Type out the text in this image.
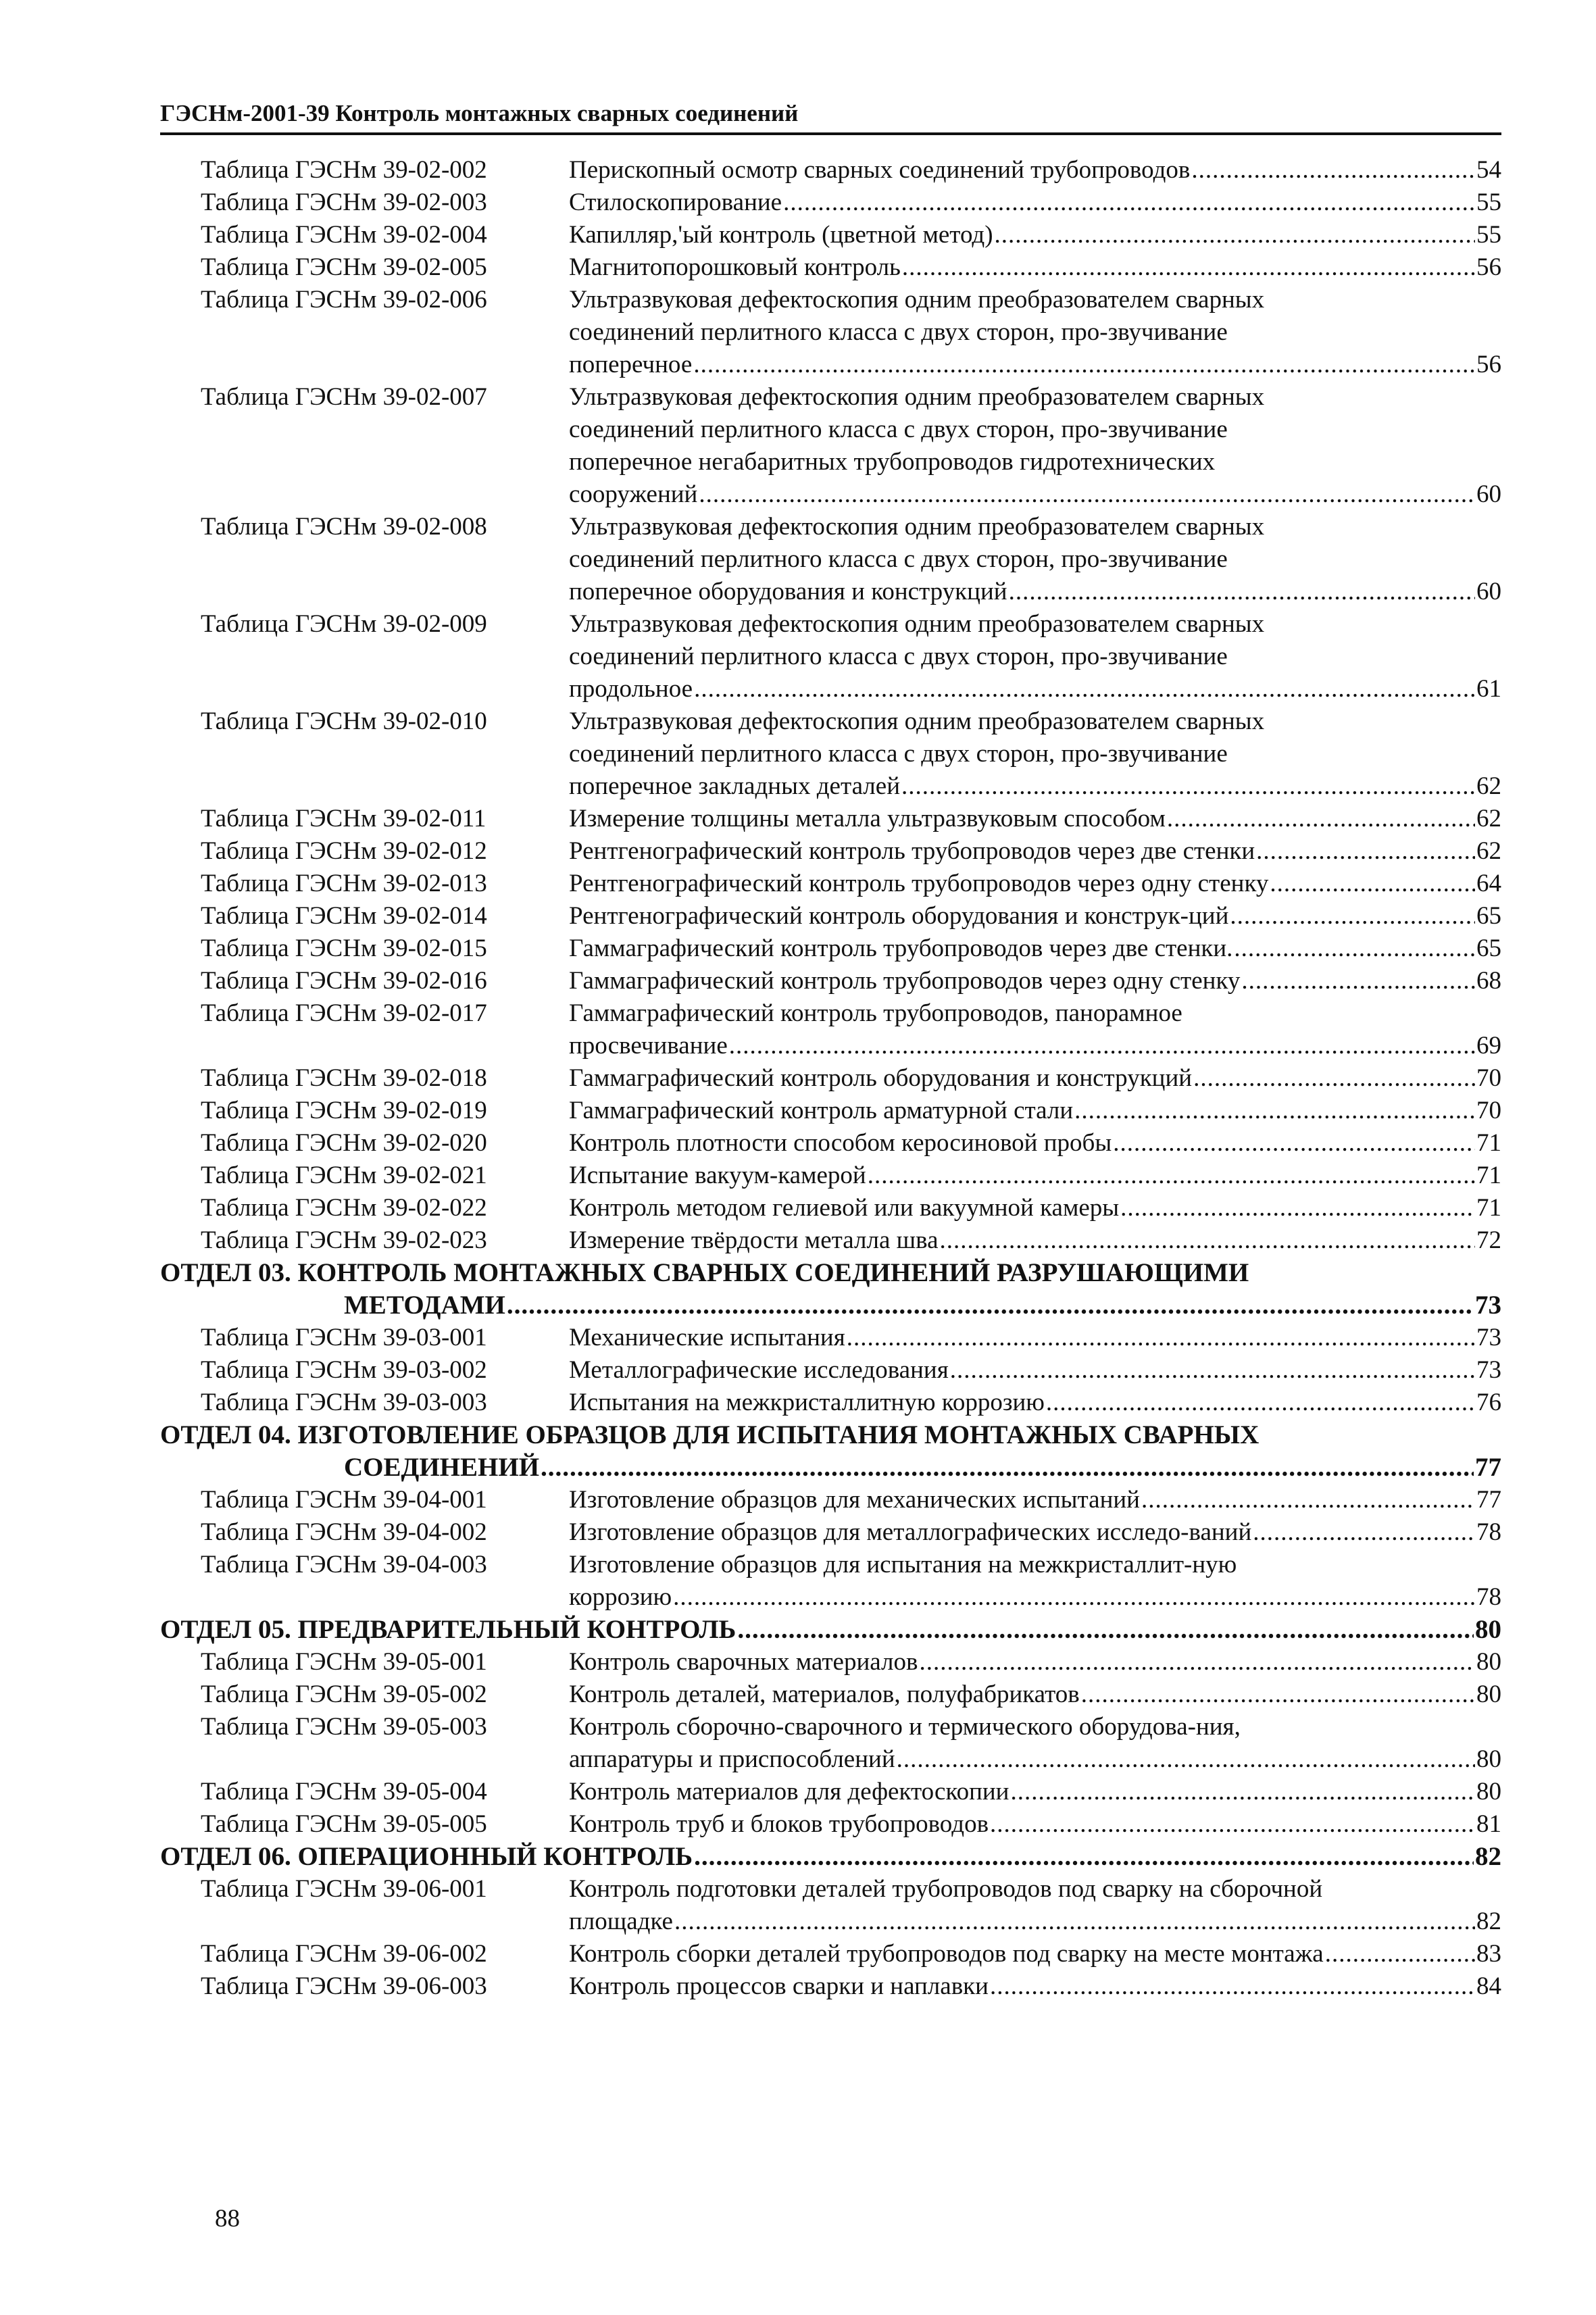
ГЭСНм-2001-39 Контроль монтажных сварных соединений
Таблица ГЭСНм 39-02-002	Перископный осмотр сварных соединений трубопроводов .....	54
Таблица ГЭСНм 39-02-003	Стилоскопирование .....	55
Таблица ГЭСНм 39-02-004	Капилляр,'ый контроль (цветной метод) .....	55
Таблица ГЭСНм 39-02-005	Магнитопорошковый контроль .....	56
Таблица ГЭСНм 39-02-006	Ультразвуковая дефектоскопия одним преобразователем сварных
соединений перлитного класса с двух сторон, про-звучивание
поперечное .....	56
Таблица ГЭСНм 39-02-007	Ультразвуковая дефектоскопия одним преобразователем сварных
соединений перлитного класса с двух сторон, про-звучивание
поперечное негабаритных трубопроводов гидротехнических
сооружений .....	60
Таблица ГЭСНм 39-02-008	Ультразвуковая дефектоскопия одним преобразователем сварных
соединений перлитного класса с двух сторон, про-звучивание
поперечное оборудования и конструкций .....	60
Таблица ГЭСНм 39-02-009	Ультразвуковая дефектоскопия одним преобразователем сварных
соединений перлитного класса с двух сторон, про-звучивание
продольное .....	61
Таблица ГЭСНм 39-02-010	Ультразвуковая дефектоскопия одним преобразователем сварных
соединений перлитного класса с двух сторон, про-звучивание
поперечное закладных деталей .....	62
Таблица ГЭСНм 39-02-011	Измерение толщины металла ультразвуковым способом .....	62
Таблица ГЭСНм 39-02-012	Рентгенографический контроль трубопроводов через две стенки .....	62
Таблица ГЭСНм 39-02-013	Рентгенографический контроль трубопроводов через одну стенку .....	64
Таблица ГЭСНм 39-02-014	Рентгенографический контроль оборудования и конструк-ций .....	65
Таблица ГЭСНм 39-02-015	Гаммаграфический контроль трубопроводов через две стенки. .....	65
Таблица ГЭСНм 39-02-016	Гаммаграфический контроль трубопроводов через одну стенку .....	68
Таблица ГЭСНм 39-02-017	Гаммаграфический контроль трубопроводов, панорамное
просвечивание .....	69
Таблица ГЭСНм 39-02-018	Гаммаграфический контроль оборудования и конструкций .....	70
Таблица ГЭСНм 39-02-019	Гаммаграфический контроль арматурной стали .....	70
Таблица ГЭСНм 39-02-020	Контроль плотности способом керосиновой пробы .....	71
Таблица ГЭСНм 39-02-021	Испытание вакуум-камерой .....	71
Таблица ГЭСНм 39-02-022	Контроль методом гелиевой или вакуумной камеры .....	71
Таблица ГЭСНм 39-02-023	Измерение твёрдости металла шва .....	72
ОТДЕЛ 03. КОНТРОЛЬ МОНТАЖНЫХ СВАРНЫХ СОЕДИНЕНИЙ РАЗРУШАЮЩИМИ
МЕТОДАМИ .....	73
Таблица ГЭСНм 39-03-001	Механические испытания .....	73
Таблица ГЭСНм 39-03-002	Металлографические исследования .....	73
Таблица ГЭСНм 39-03-003	Испытания на межкристаллитную коррозию .....	76
ОТДЕЛ 04. ИЗГОТОВЛЕНИЕ ОБРАЗЦОВ ДЛЯ ИСПЫТАНИЯ МОНТАЖНЫХ СВАРНЫХ
СОЕДИНЕНИЙ .....	77
Таблица ГЭСНм 39-04-001	Изготовление образцов для механических испытаний .....	77
Таблица ГЭСНм 39-04-002	Изготовление образцов для металлографических исследо-ваний .....	78
Таблица ГЭСНм 39-04-003	Изготовление образцов для испытания на межкристаллит-ную
коррозию .....	78
ОТДЕЛ 05. ПРЕДВАРИТЕЛЬНЫЙ КОНТРОЛЬ .....	80
Таблица ГЭСНм 39-05-001	Контроль сварочных материалов .....	80
Таблица ГЭСНм 39-05-002	Контроль деталей, материалов, полуфабрикатов .....	80
Таблица ГЭСНм 39-05-003	Контроль сборочно-сварочного и термического оборудова-ния,
аппаратуры и приспособлений .....	80
Таблица ГЭСНм 39-05-004	Контроль материалов для дефектоскопии .....	80
Таблица ГЭСНм 39-05-005	Контроль труб и блоков трубопроводов .....	81
ОТДЕЛ 06. ОПЕРАЦИОННЫЙ КОНТРОЛЬ .....	82
Таблица ГЭСНм 39-06-001	Контроль подготовки деталей трубопроводов под сварку на сборочной
площадке .....	82
Таблица ГЭСНм 39-06-002	Контроль сборки деталей трубопроводов под сварку на месте монтажа .....	83
Таблица ГЭСНм 39-06-003	Контроль процессов сварки и наплавки .....	84
88
